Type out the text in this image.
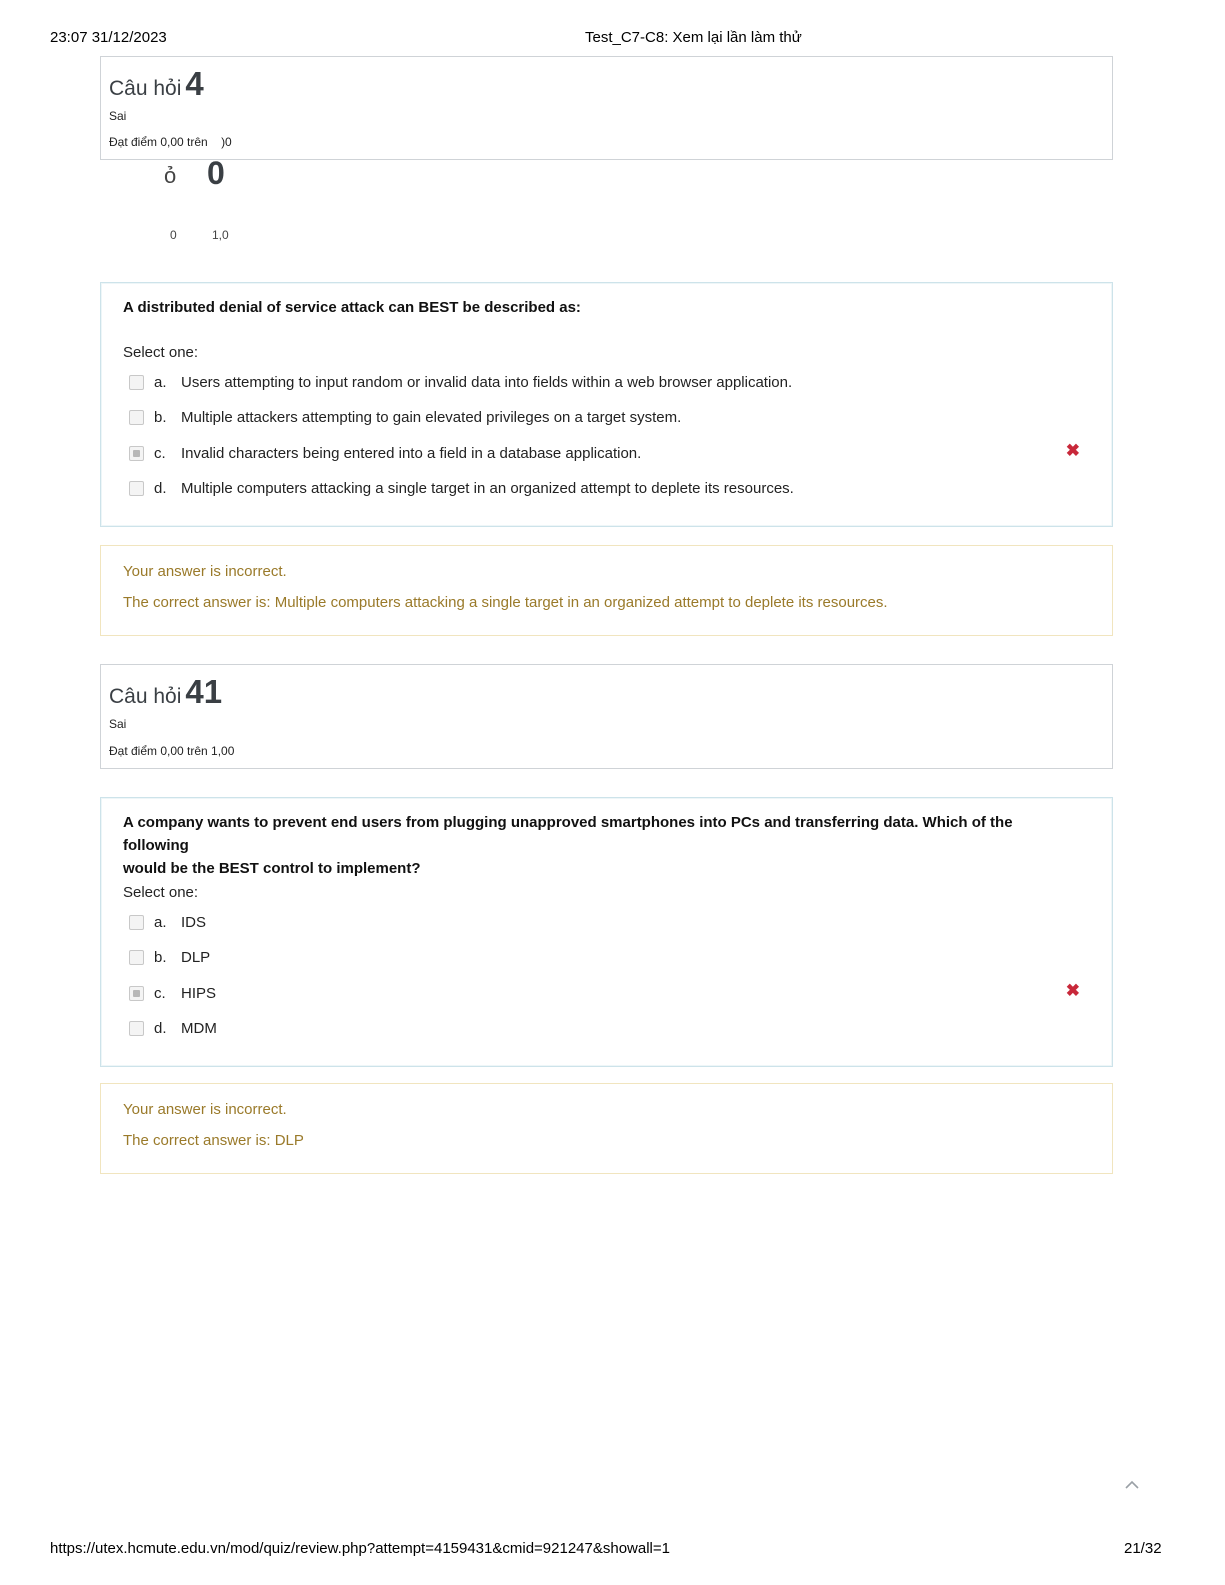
23:07 31/12/2023	Test_C7-C8: Xem lại lần làm thử
Câu hỏi 4
Sai
Đạt điểm 0,00 trên )0
ỏ 0
0	1,0
A distributed denial of service attack can BEST be described as:
Select one:
a. Users attempting to input random or invalid data into fields within a web browser application.
b. Multiple attackers attempting to gain elevated privileges on a target system.
c.	Invalid characters being entered into a field in a database application.	✖
d. Multiple computers attacking a single target in an organized attempt to deplete its resources.
Your answer is incorrect.
The correct answer is: Multiple computers attacking a single target in an organized attempt to deplete its resources.
Câu hỏi 41
Sai
Đạt điểm 0,00 trên 1,00
A company wants to prevent end users from plugging unapproved smartphones into PCs and transferring data. Which of the following
would be the BEST control to implement?
Select one:
a. IDS
b. DLP
c.	HIPS	✖
d. MDM
Your answer is incorrect.
The correct answer is: DLP
https://utex.hcmute.edu.vn/mod/quiz/review.php?attempt=4159431&cmid=921247&showall=1	21/32
